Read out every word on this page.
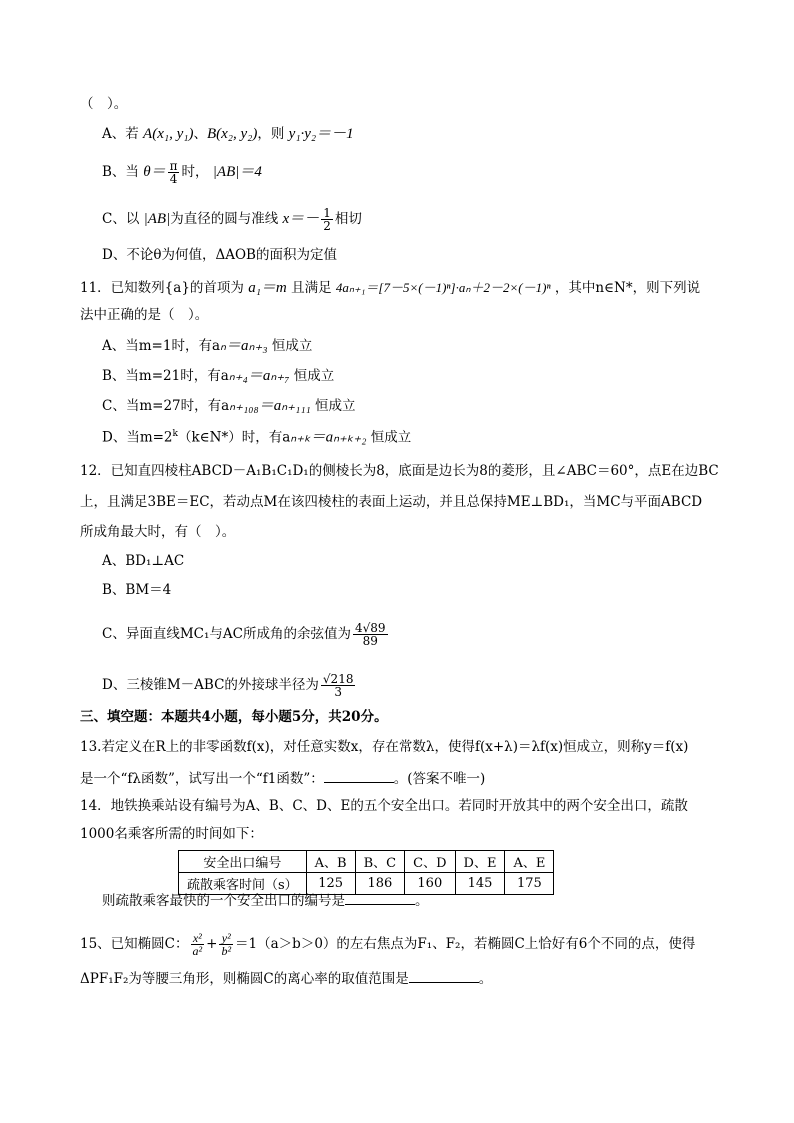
（　）。
A、若 A(x₁, y₁)、B(x₂, y₂)，则 y₁·y₂＝－1
B、当 $\theta= \frac{\pi}{4}$ 时， |AB|＝4
C、以 |AB|为直径的圆与准线 $x=- \frac{1}{2}$ 相切
D、不论θ为何值，ΔAOB的面积为定值
11．已知数列{a}的首项为 a₁＝m 且满足 4aₙ₊₁＝[7－5×(－1)ⁿ]·aₙ＋2－2×(－1)ⁿ ，其中n∈N*，则下列说
法中正确的是（　）。
A、当m=1时，有aₙ＝aₙ₊₃ 恒成立
B、当m=21时，有aₙ₊₄＝aₙ₊₇ 恒成立
C、当m=27时，有aₙ₊₁₀₈＝aₙ₊₁₁₁ 恒成立
D、当$m=2^k(k\in N*)$时，有aₙ₊ₖ＝aₙ₊ₖ₊₂ 恒成立
12．已知直四棱柱ABCD－A₁B₁C₁D₁的侧棱长为8，底面是边长为8的菱形，且∠ABC＝60°，点E在边BC
上，且满足3BE＝EC，若动点M在该四棱柱的表面上运动，并且总保持ME⊥BD₁，当MC与平面ABCD
所成角最大时，有（　）。
A、BD₁⊥AC
B、BM＝4
C、异面直线MC₁与AC所成角的余弦值为 $\frac{4√89}{89}$
D、三棱锥M－ABC的外接球半径为 $\frac{√218}{3}$
三、填空题：本题共4小题，每小题5分，共20分。
13.若定义在R上的非零函数f(x)，对任意实数x，存在常数λ，使得f(x+λ)＝λf(x)恒成立，则称y＝f(x)
是一个“fλ函数”，试写出一个“f1函数”：	。(答案不唯一)
14．地铁换乘站设有编号为A、B、C、D、E的五个安全出口。若同时开放其中的两个安全出口，疏散
1000名乘客所需的时间如下：
安全出口编号	A、B	B、C	C、D	D、E	A、E
疏散乘客时间（s）	125	186	160	145	175
则疏散乘客最快的一个安全出口的编号是	。
15、已知椭圆C： $\frac{\text{x²}}{\text{a²}} + \frac{\text{y²}}{\text{b²}} =1(a>b>0)$的左右焦点为F₁、F₂，若椭圆C上恰好有6个不同的点，使得
ΔPF₁F₂为等腰三角形，则椭圆C的离心率的取值范围是	。
